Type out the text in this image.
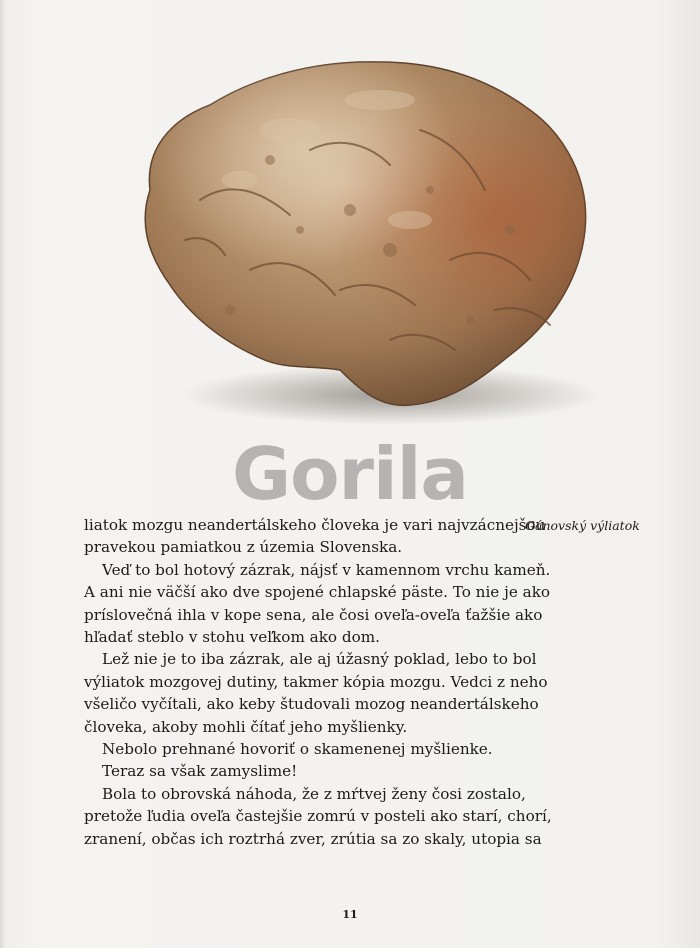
Gorila
Gánovský výliatok

liatok mozgu neandertálskeho človeka je vari najvzácnejšou

pravekou pamiatkou z územia Slovenska.

Veď to bol hotový zázrak, nájsť v kamennom vrchu kameň.

A ani nie väčší ako dve spojené chlapské päste. To nie je ako

príslovečná ihla v kope sena, ale čosi oveľa-oveľa ťažšie ako

hľadať steblo v stohu veľkom ako dom.

Lež nie je to iba zázrak, ale aj úžasný poklad, lebo to bol

výliatok mozgovej dutiny, takmer kópia mozgu. Vedci z neho

všeličo vyčítali, ako keby študovali mozog neandertálskeho

človeka, akoby mohli čítať jeho myšlienky.

Nebolo prehnané hovoriť o skamenenej myšlienke.

Teraz sa však zamyslime!

Bola to obrovská náhoda, že z mŕtvej ženy čosi zostalo,

pretože ľudia oveľa častejšie zomrú v posteli ako starí, chorí,

zranení, občas ich roztrhá zver, zrútia sa zo skaly, utopia sa

11
